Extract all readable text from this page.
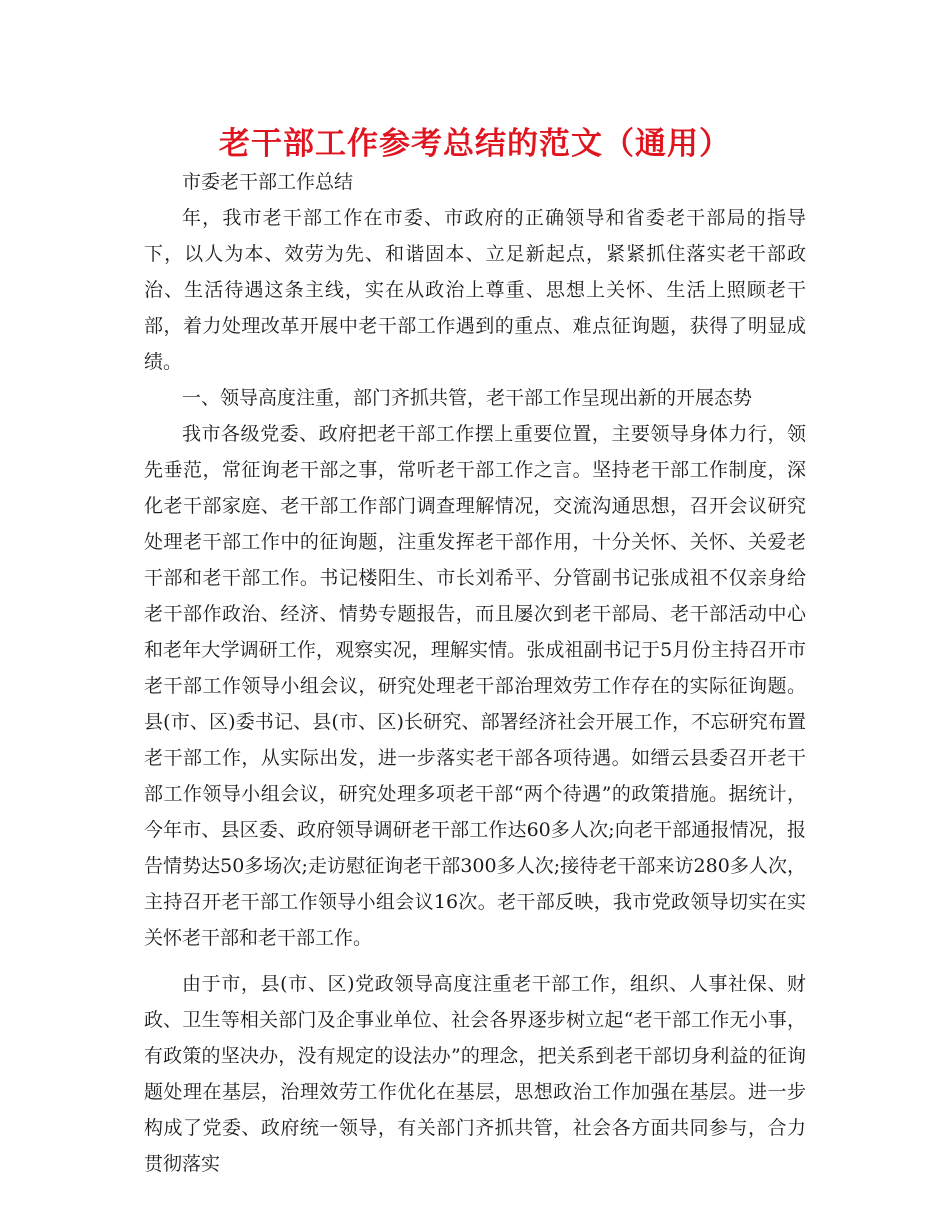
老干部工作参考总结的范文（通用）

市委老干部工作总结

年，我市老干部工作在市委、市政府的正确领导和省委老干部局的指导下，以人为本、效劳为先、和谐固本、立足新起点，紧紧抓住落实老干部政治、生活待遇这条主线，实在从政治上尊重、思想上关怀、生活上照顾老干部，着力处理改革开展中老干部工作遇到的重点、难点征询题，获得了明显成绩。

一、领导高度注重，部门齐抓共管，老干部工作呈现出新的开展态势

我市各级党委、政府把老干部工作摆上重要位置，主要领导身体力行，领先垂范，常征询老干部之事，常听老干部工作之言。坚持老干部工作制度，深化老干部家庭、老干部工作部门调查理解情况，交流沟通思想，召开会议研究处理老干部工作中的征询题，注重发挥老干部作用，十分关怀、关怀、关爱老干部和老干部工作。书记楼阳生、市长刘希平、分管副书记张成祖不仅亲身给老干部作政治、经济、情势专题报告，而且屡次到老干部局、老干部活动中心和老年大学调研工作，观察实况，理解实情。张成祖副书记于5月份主持召开市老干部工作领导小组会议，研究处理老干部治理效劳工作存在的实际征询题。县(市、区)委书记、县(市、区)长研究、部署经济社会开展工作，不忘研究布置老干部工作，从实际出发，进一步落实老干部各项待遇。如缙云县委召开老干部工作领导小组会议，研究处理多项老干部“两个待遇”的政策措施。据统计，今年市、县区委、政府领导调研老干部工作达60多人次;向老干部通报情况，报告情势达50多场次;走访慰征询老干部300多人次;接待老干部来访280多人次，主持召开老干部工作领导小组会议16次。老干部反映，我市党政领导切实在实关怀老干部和老干部工作。

由于市，县(市、区)党政领导高度注重老干部工作，组织、人事社保、财政、卫生等相关部门及企事业单位、社会各界逐步树立起“老干部工作无小事，有政策的坚决办，没有规定的设法办”的理念，把关系到老干部切身利益的征询题处理在基层，治理效劳工作优化在基层，思想政治工作加强在基层。进一步构成了党委、政府统一领导，有关部门齐抓共管，社会各方面共同参与，合力贯彻落实
